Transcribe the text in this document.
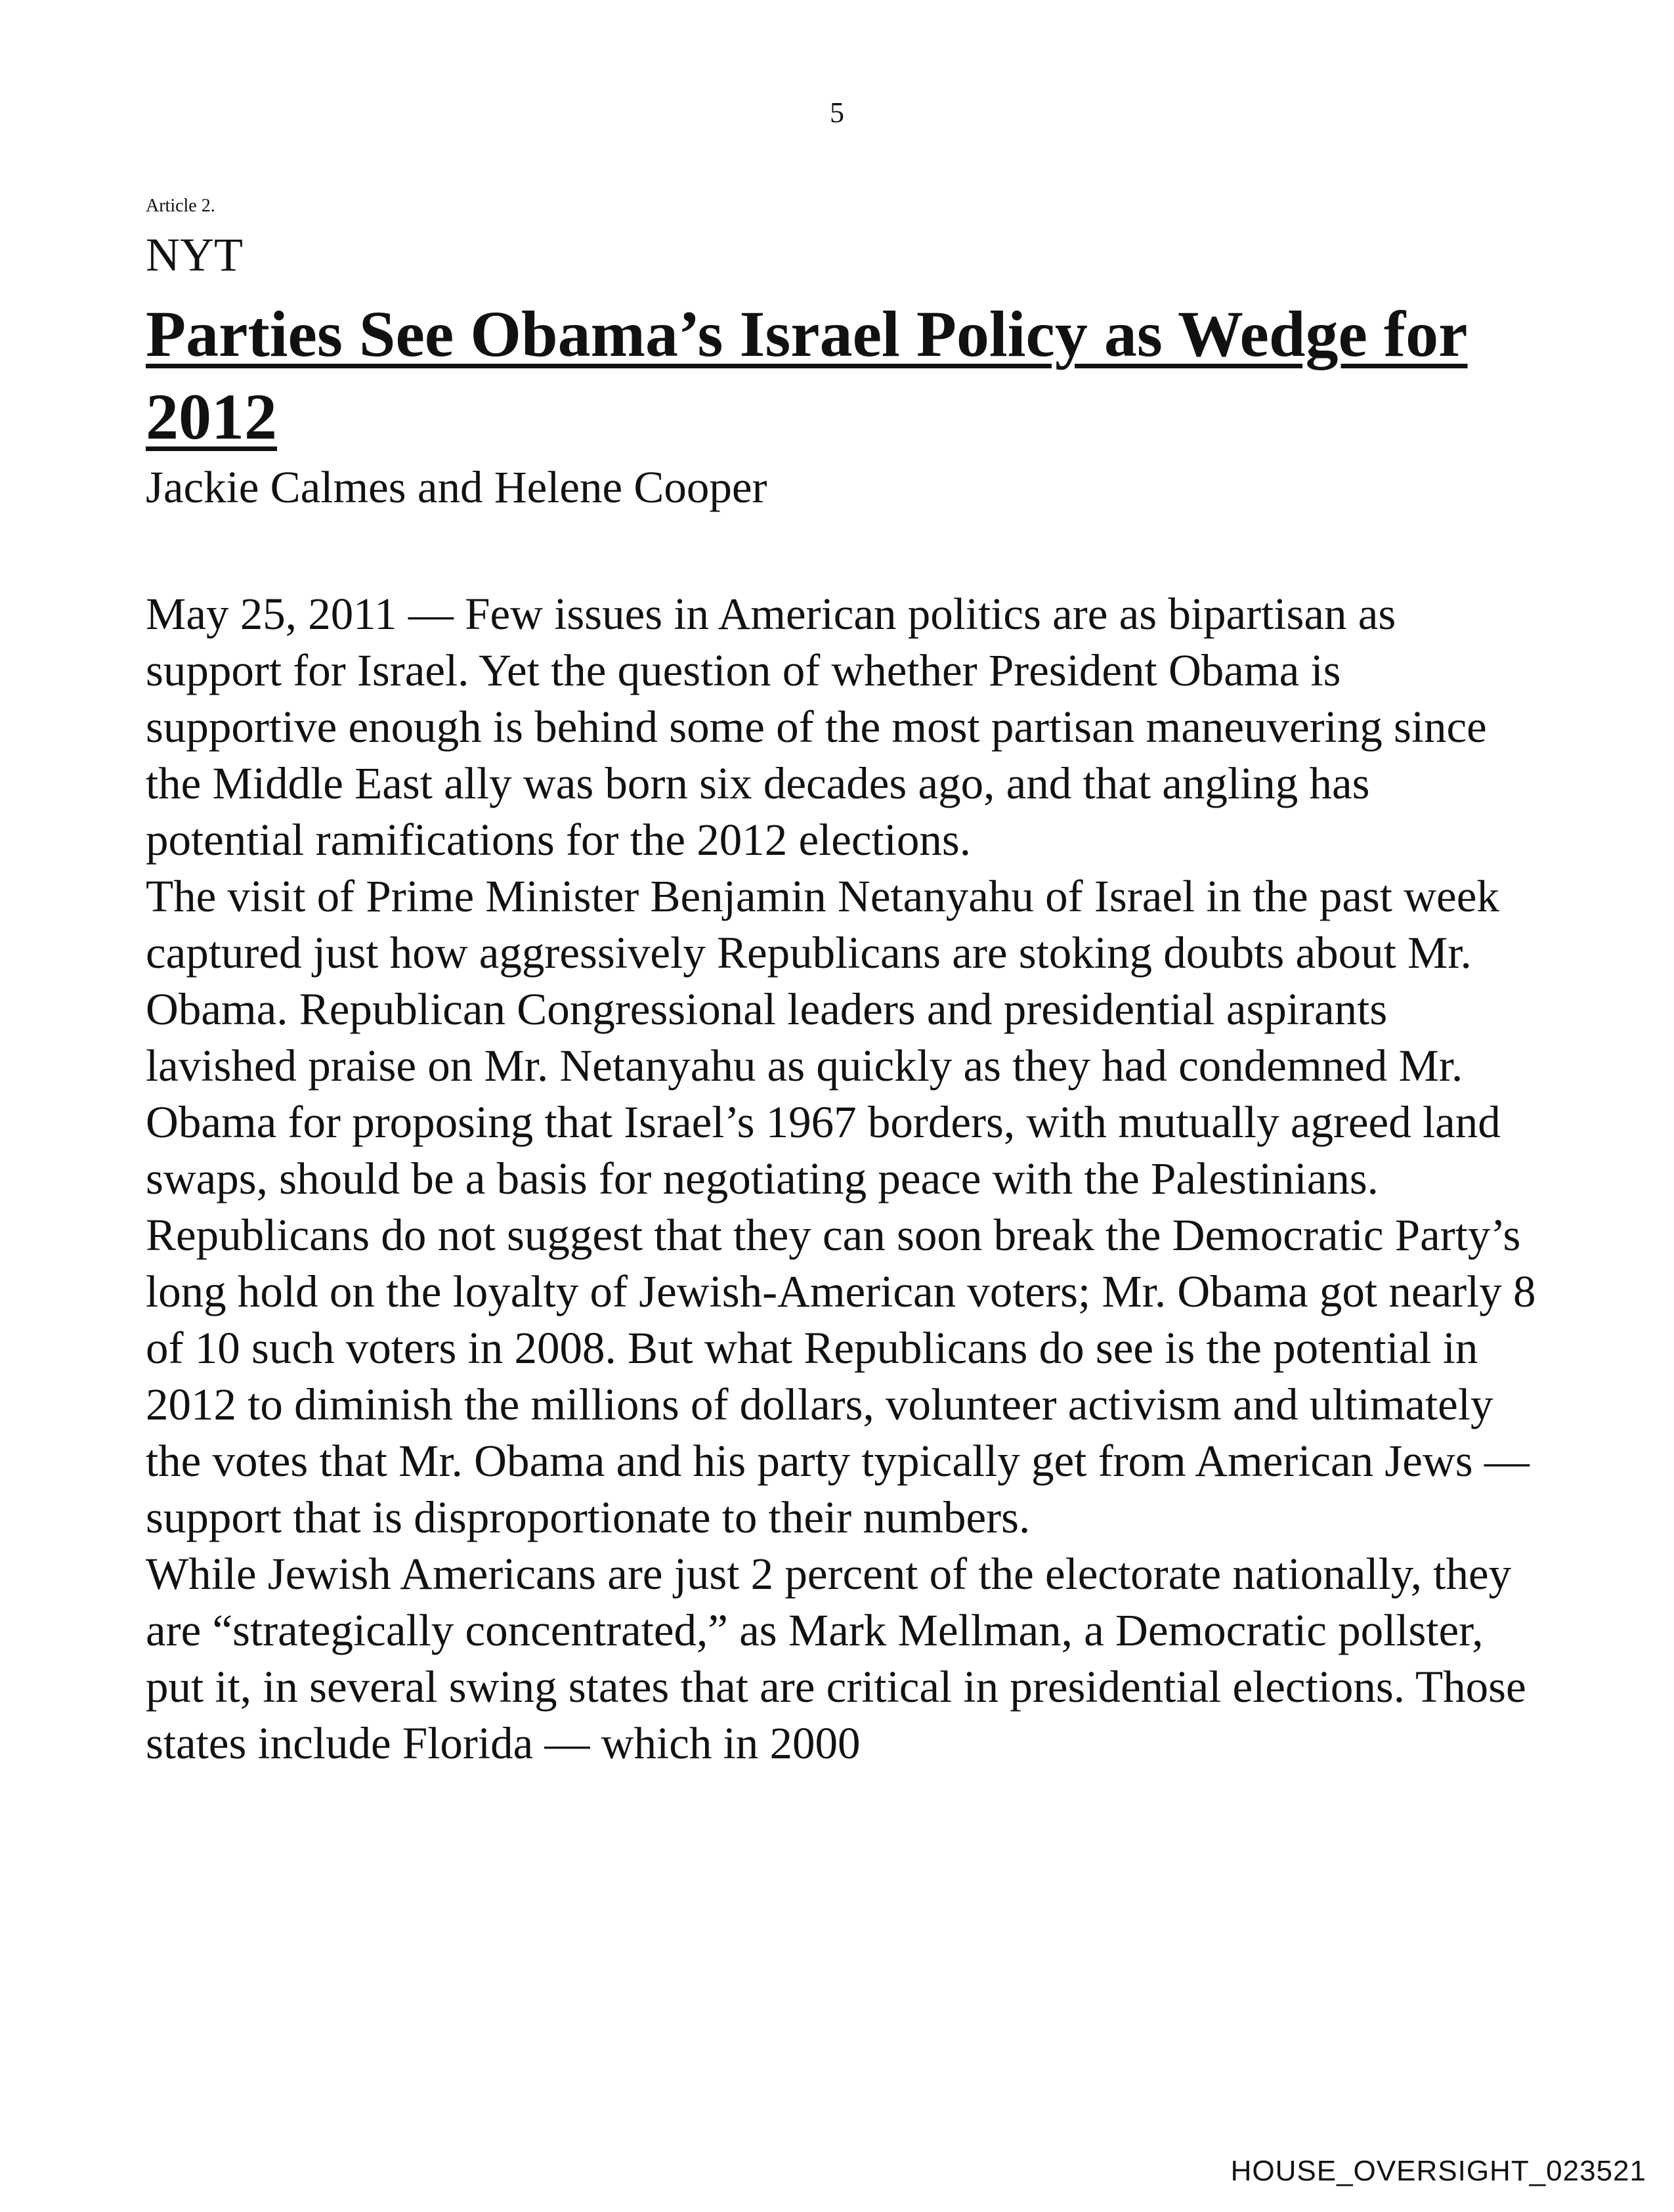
5
Article 2.
NYT
Parties See Obama’s Israel Policy as Wedge for 2012
Jackie Calmes and Helene Cooper

May 25, 2011 — Few issues in American politics are as bipartisan as support for Israel. Yet the question of whether President Obama is supportive enough is behind some of the most partisan maneuvering since the Middle East ally was born six decades ago, and that angling has potential ramifications for the 2012 elections.

The visit of Prime Minister Benjamin Netanyahu of Israel in the past week captured just how aggressively Republicans are stoking doubts about Mr. Obama. Republican Congressional leaders and presidential aspirants lavished praise on Mr. Netanyahu as quickly as they had condemned Mr. Obama for proposing that Israel’s 1967 borders, with mutually agreed land swaps, should be a basis for negotiating peace with the Palestinians.

Republicans do not suggest that they can soon break the Democratic Party’s long hold on the loyalty of Jewish-American voters; Mr. Obama got nearly 8 of 10 such voters in 2008. But what Republicans do see is the potential in 2012 to diminish the millions of dollars, volunteer activism and ultimately the votes that Mr. Obama and his party typically get from American Jews — support that is disproportionate to their numbers.

While Jewish Americans are just 2 percent of the electorate nationally, they are “strategically concentrated,” as Mark Mellman, a Democratic pollster, put it, in several swing states that are critical in presidential elections. Those states include Florida — which in 2000

HOUSE_OVERSIGHT_023521
